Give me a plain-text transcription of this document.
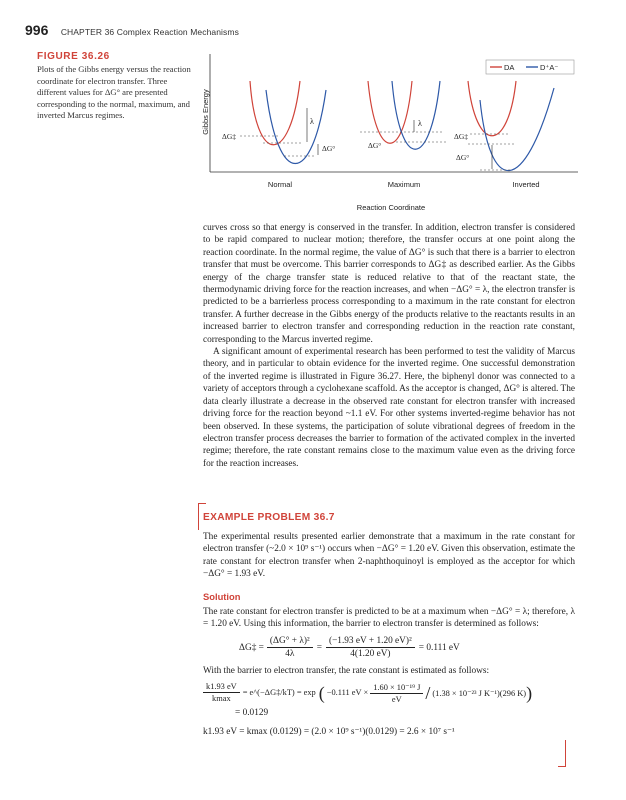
996 CHAPTER 36 Complex Reaction Mechanisms
FIGURE 36.26
Plots of the Gibbs energy versus the reaction coordinate for electron transfer. Three different values for ΔG° are presented corresponding to the normal, maximum, and inverted Marcus regimes.	Gibbs Energy
Reaction Coordinate
DA	D⁺A⁻
λ
ΔG‡
ΔG°
Normal
λ
ΔG°
Maximum
ΔG‡
ΔG°
Inverted

curves cross so that energy is conserved in the transfer. In addition, electron transfer is considered to be rapid compared to nuclear motion; therefore, the transfer occurs at one point along the reaction coordinate. In the normal regime, the value of ΔG° is such that there is a barrier to electron transfer that must be overcome. This barrier corresponds to ΔG‡ as described earlier. As the Gibbs energy of the charge transfer state is reduced relative to that of the reactant state, the thermodynamic driving force for the reaction increases, and when −ΔG° = λ, the electron transfer is predicted to be a barrierless process corresponding to a maximum in the rate constant for electron transfer. A further decrease in the Gibbs energy of the products relative to the reactants results in an increased barrier to electron transfer and corresponding reduction in the reaction rate constant, corresponding to the Marcus inverted regime.

A significant amount of experimental research has been performed to test the validity of Marcus theory, and in particular to obtain evidence for the inverted regime. One successful demonstration of the inverted regime is illustrated in Figure 36.27. Here, the biphenyl donor was connected to a variety of acceptors through a cyclohexane scaffold. As the acceptor is changed, ΔG° is altered. The data clearly illustrate a decrease in the observed rate constant for electron transfer with increased driving force for the reaction beyond ~1.1 eV. For other systems inverted-regime behavior has not been observed. In these systems, the participation of solute vibrational degrees of freedom in the electron transfer process decreases the barrier to formation of the activated complex in the inverted regime; therefore, the rate constant remains close to the maximum value even as the driving force for the reaction increases.

EXAMPLE PROBLEM 36.7

The experimental results presented earlier demonstrate that a maximum in the rate constant for electron transfer (~2.0 × 10⁹ s⁻¹) occurs when −ΔG° = 1.20 eV. Given this observation, estimate the rate constant for electron transfer when 2-naphthoquinoyl is employed as the acceptor for which −ΔG° = 1.93 eV.

Solution

The rate constant for electron transfer is predicted to be at a maximum when −ΔG° = λ; therefore, λ = 1.20 eV. Using this information, the barrier to electron transfer is determined as follows:

ΔG‡ = $\frac{\text{(ΔG° + λ)²}}{4\lambda} = \frac{\text{(−1.93 eV + 1.20 eV)²}}{4(1.20 eV)} = 0.111$ eV

With the barrier to electron transfer, the rate constant is estimated as follows:

$\frac{k1.93 eV}{kmax}$ = e^(−ΔG‡/kT) = exp ( −0.111 eV × $\frac{\text{1.60 × 10⁻¹⁹ J}}{eV} / (1.38 \times 10^{-23}$ J K⁻¹)(296 K) )
= 0.0129
k1.93 eV = kmax (0.0129) = (2.0 × 10⁹ s⁻¹)(0.0129) = 2.6 × 10⁷ s⁻¹
